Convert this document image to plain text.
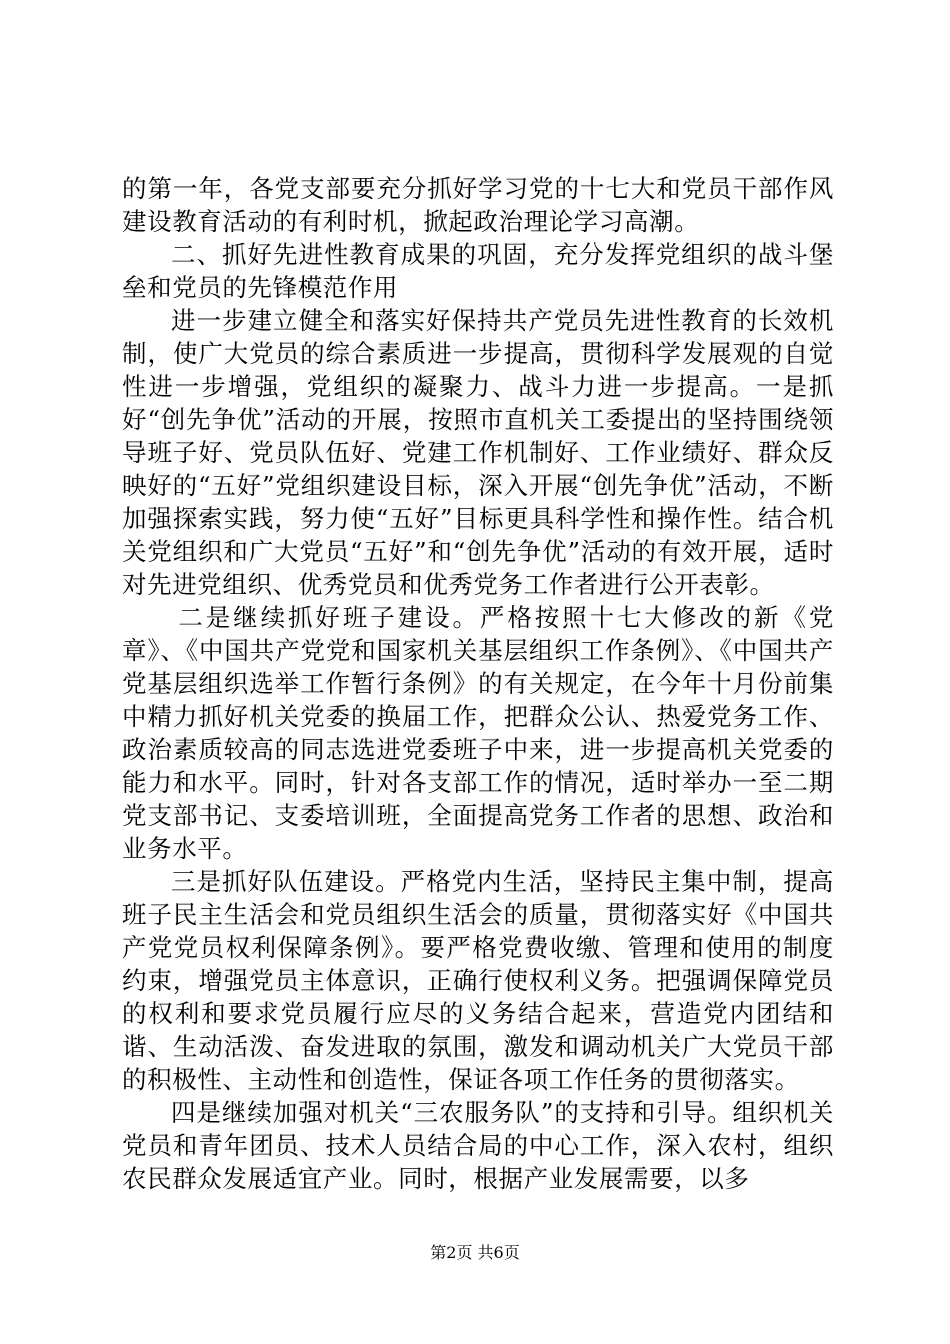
的第一年，各党支部要充分抓好学习党的十七大和党员干部作风建设教育活动的有利时机，掀起政治理论学习高潮。

二、抓好先进性教育成果的巩固，充分发挥党组织的战斗堡垒和党员的先锋模范作用

进一步建立健全和落实好保持共产党员先进性教育的长效机制，使广大党员的综合素质进一步提高，贯彻科学发展观的自觉性进一步增强，党组织的凝聚力、战斗力进一步提高。一是抓好“创先争优”活动的开展，按照市直机关工委提出的坚持围绕领导班子好、党员队伍好、党建工作机制好、工作业绩好、群众反映好的“五好”党组织建设目标，深入开展“创先争优”活动，不断加强探索实践，努力使“五好”目标更具科学性和操作性。结合机关党组织和广大党员“五好”和“创先争优”活动的有效开展，适时对先进党组织、优秀党员和优秀党务工作者进行公开表彰。

二是继续抓好班子建设。严格按照十七大修改的新《党章》、《中国共产党党和国家机关基层组织工作条例》、《中国共产党基层组织选举工作暂行条例》的有关规定，在今年十月份前集中精力抓好机关党委的换届工作，把群众公认、热爱党务工作、政治素质较高的同志选进党委班子中来，进一步提高机关党委的能力和水平。同时，针对各支部工作的情况，适时举办一至二期党支部书记、支委培训班，全面提高党务工作者的思想、政治和业务水平。

三是抓好队伍建设。严格党内生活，坚持民主集中制，提高班子民主生活会和党员组织生活会的质量，贯彻落实好《中国共产党党员权利保障条例》。要严格党费收缴、管理和使用的制度约束，增强党员主体意识，正确行使权利义务。把强调保障党员的权利和要求党员履行应尽的义务结合起来，营造党内团结和谐、生动活泼、奋发进取的氛围，激发和调动机关广大党员干部的积极性、主动性和创造性，保证各项工作任务的贯彻落实。

四是继续加强对机关“三农服务队”的支持和引导。组织机关党员和青年团员、技术人员结合局的中心工作，深入农村，组织农民群众发展适宜产业。同时，根据产业发展需要，以多

第2页 共6页
